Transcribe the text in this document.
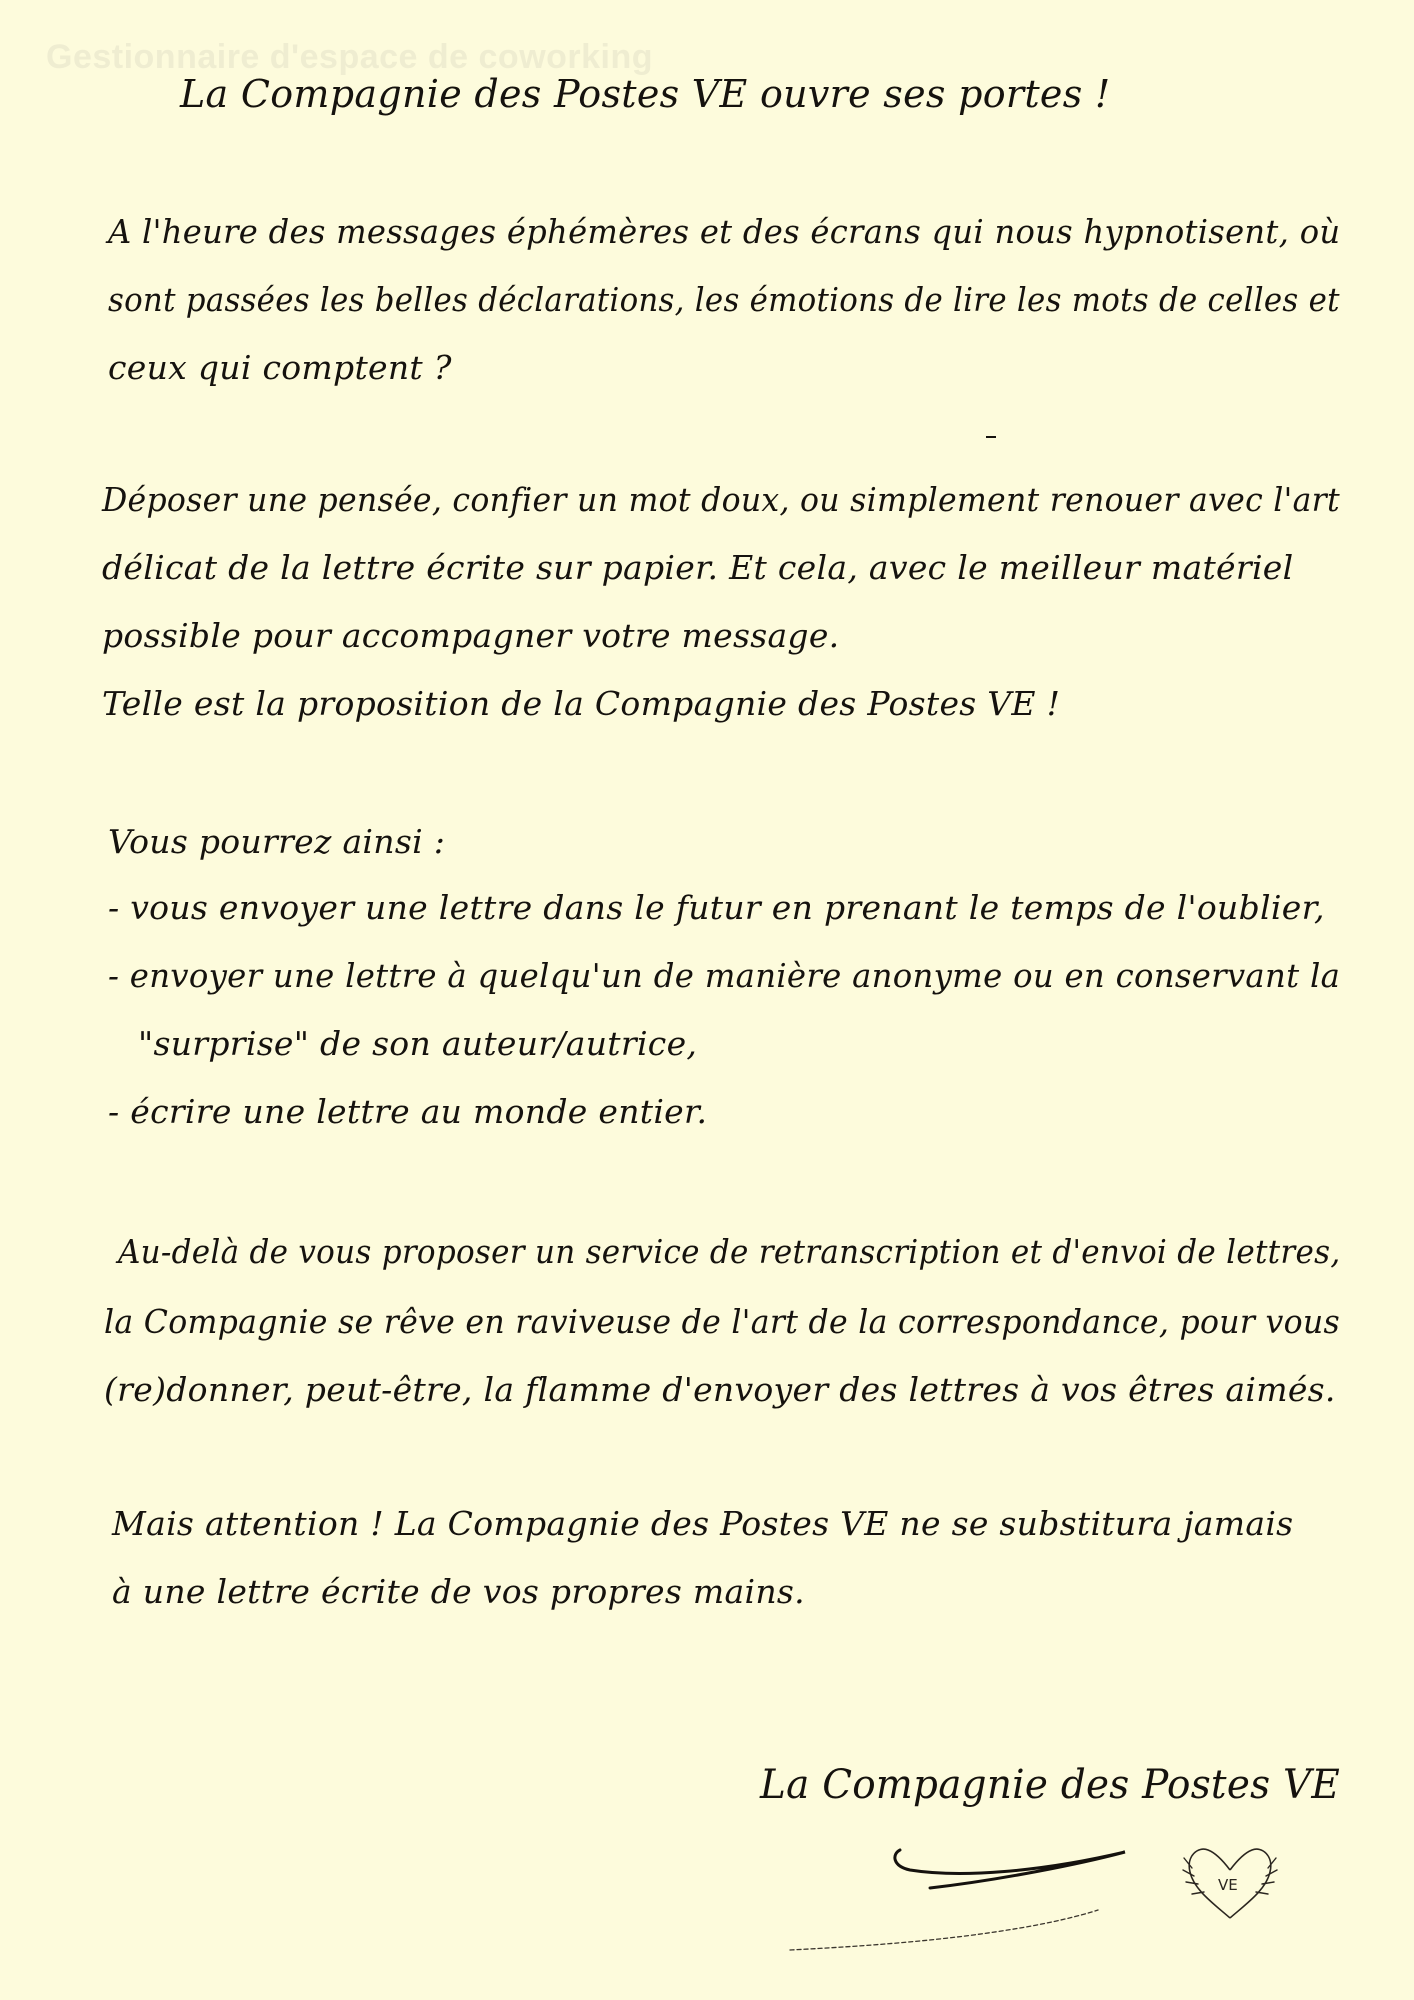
Gestionnaire d'espace de coworking
La Compagnie des Postes VE ouvre ses portes !
A l'heure des messages éphémères et des écrans qui nous hypnotisent, où
sont passées les belles déclarations, les émotions de lire les mots de celles et
ceux qui comptent ?
Déposer une pensée, confier un mot doux, ou simplement renouer avec l'art
délicat de la lettre écrite sur papier. Et cela, avec le meilleur matériel
possible pour accompagner votre message.
Telle est la proposition de la Compagnie des Postes VE !
Vous pourrez ainsi :
- vous envoyer une lettre dans le futur en prenant le temps de l'oublier,
- envoyer une lettre à quelqu'un de manière anonyme ou en conservant la
"surprise" de son auteur/autrice,
- écrire une lettre au monde entier.
Au-delà de vous proposer un service de retranscription et d'envoi de lettres,
la Compagnie se rêve en raviveuse de l'art de la correspondance, pour vous
(re)donner, peut-être, la flamme d'envoyer des lettres à vos êtres aimés.
Mais attention ! La Compagnie des Postes VE ne se substitura jamais
à une lettre écrite de vos propres mains.
La Compagnie des Postes VE
VE
